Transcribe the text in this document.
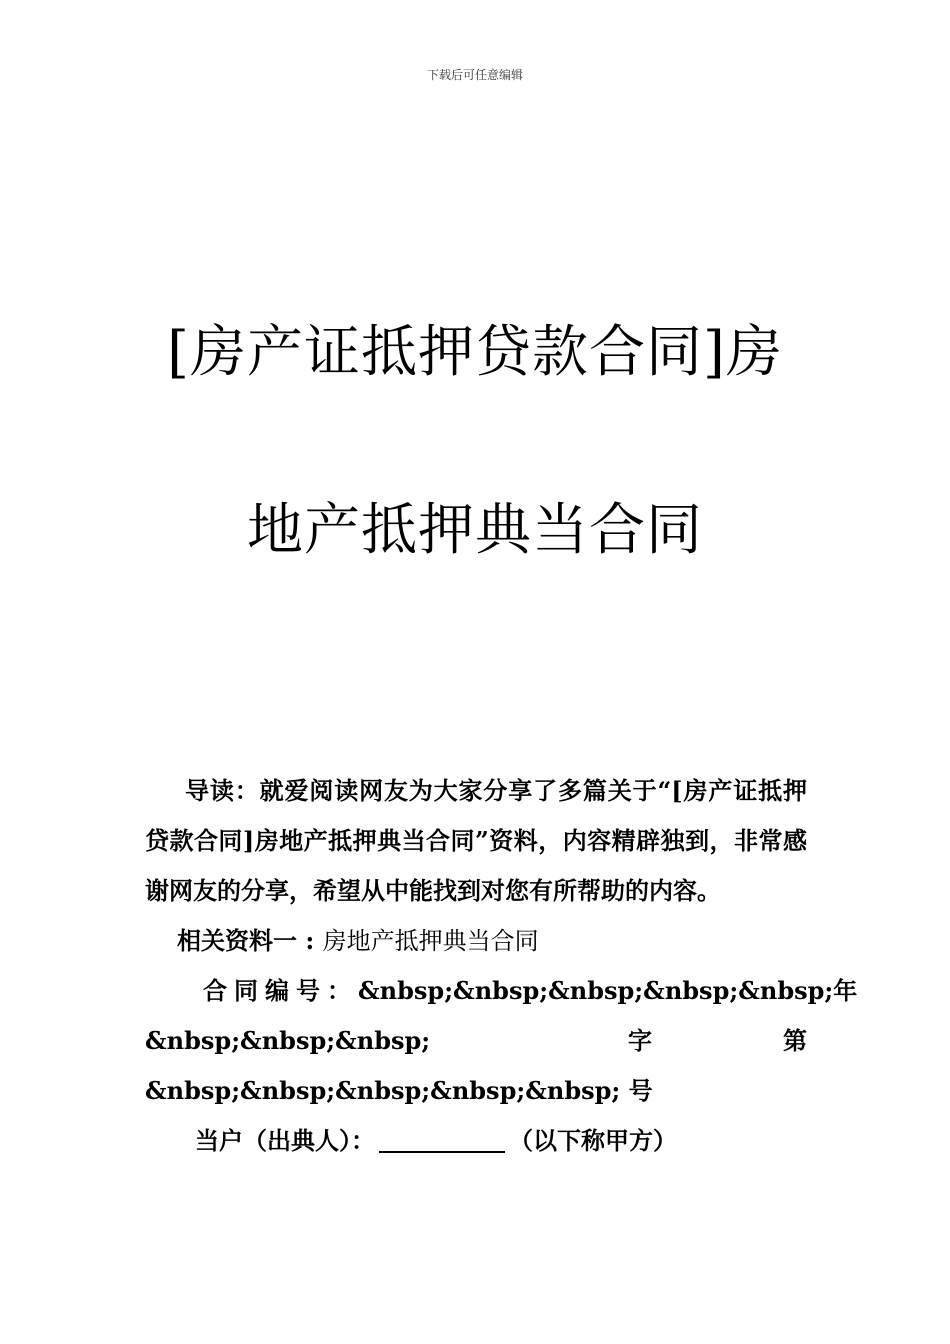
下载后可任意编辑
[房产证抵押贷款合同]房
地产抵押典当合同

导读：就爱阅读网友为大家分享了多篇关于“[房产证抵押贷款合同]房地产抵押典当合同”资料，内容精辟独到，非常感谢网友的分享，希望从中能找到对您有所帮助的内容。

相关资料一 : 房地产抵押典当合同

合同编号：&nbsp;&nbsp;&nbsp;&nbsp;&nbsp; 年
&nbsp;&nbsp;&nbsp;	字	第

&nbsp;&nbsp;&nbsp;&nbsp;&nbsp; 号

当户（出典人）：	（以下称甲方）
